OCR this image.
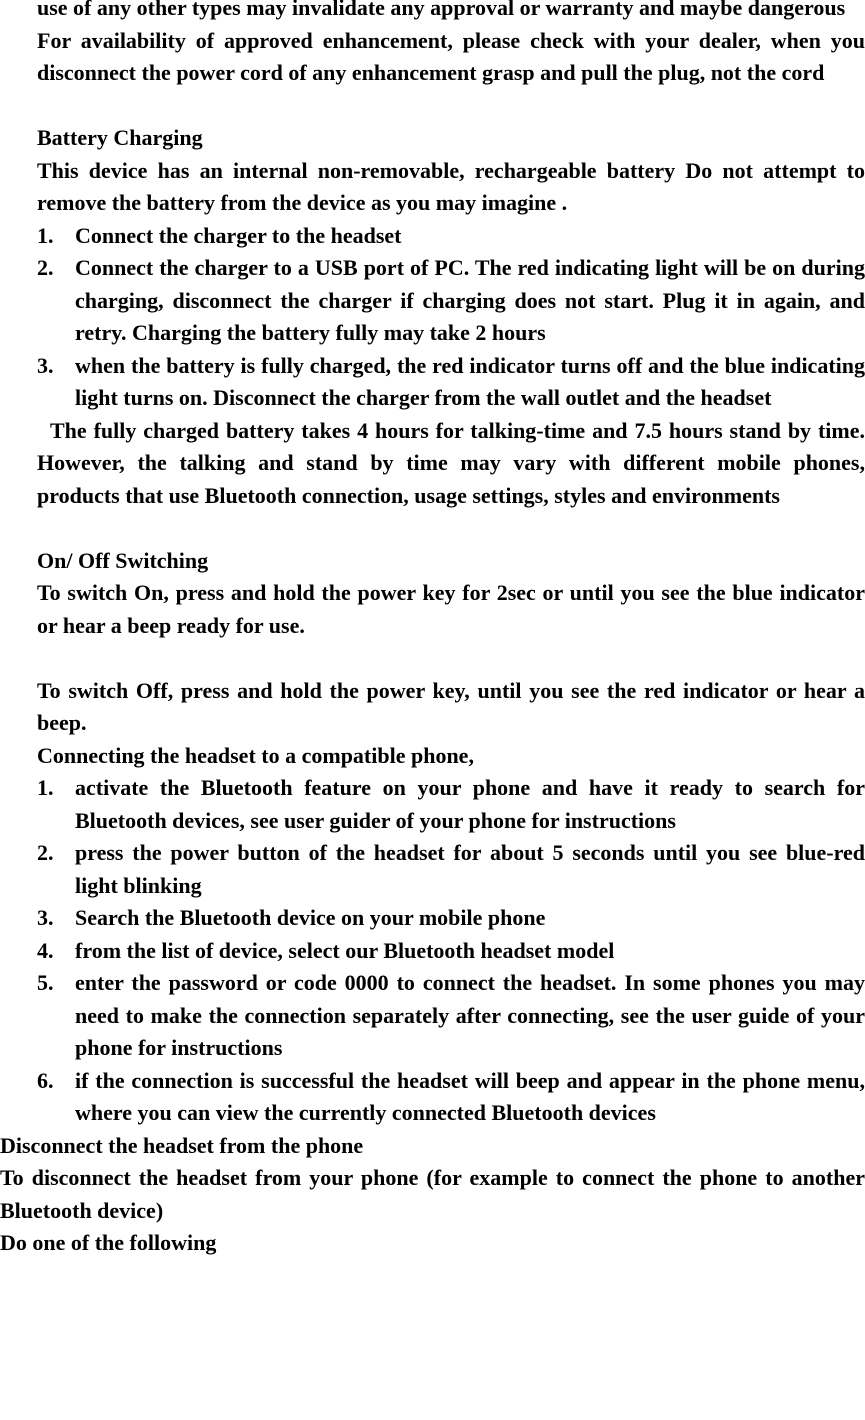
use of any other types may invalidate any approval or warranty and maybe dangerous

For availability of approved enhancement, please check with your dealer, when you disconnect the power cord of any enhancement grasp and pull the plug, not the cord

Battery Charging

This device has an internal non-removable, rechargeable battery Do not attempt to remove the battery from the device as you may imagine .

1. Connect the charger to the headset
2. Connect the charger to a USB port of PC. The red indicating light will be on during charging, disconnect the charger if charging does not start. Plug it in again, and retry. Charging the battery fully may take 2 hours
3. when the battery is fully charged, the red indicator turns off and the blue indicating light turns on. Disconnect the charger from the wall outlet and the headset

The fully charged battery takes 4 hours for talking-time and 7.5 hours stand by time. However, the talking and stand by time may vary with different mobile phones, products that use Bluetooth connection, usage settings, styles and environments

On/ Off Switching

To switch On, press and hold the power key for 2sec or until you see the blue indicator or hear a beep ready for use.

To switch Off, press and hold the power key, until you see the red indicator or hear a beep.

Connecting the headset to a compatible phone,

1. activate the Bluetooth feature on your phone and have it ready to search for Bluetooth devices, see user guider of your phone for instructions
2. press the power button of the headset for about 5 seconds until you see blue-red light blinking
3. Search the Bluetooth device on your mobile phone
4. from the list of device, select our Bluetooth headset model
5. enter the password or code 0000 to connect the headset. In some phones you may need to make the connection separately after connecting, see the user guide of your phone for instructions
6. if the connection is successful the headset will beep and appear in the phone menu, where you can view the currently connected Bluetooth devices

Disconnect the headset from the phone

To disconnect the headset from your phone (for example to connect the phone to another Bluetooth device)

Do one of the following
